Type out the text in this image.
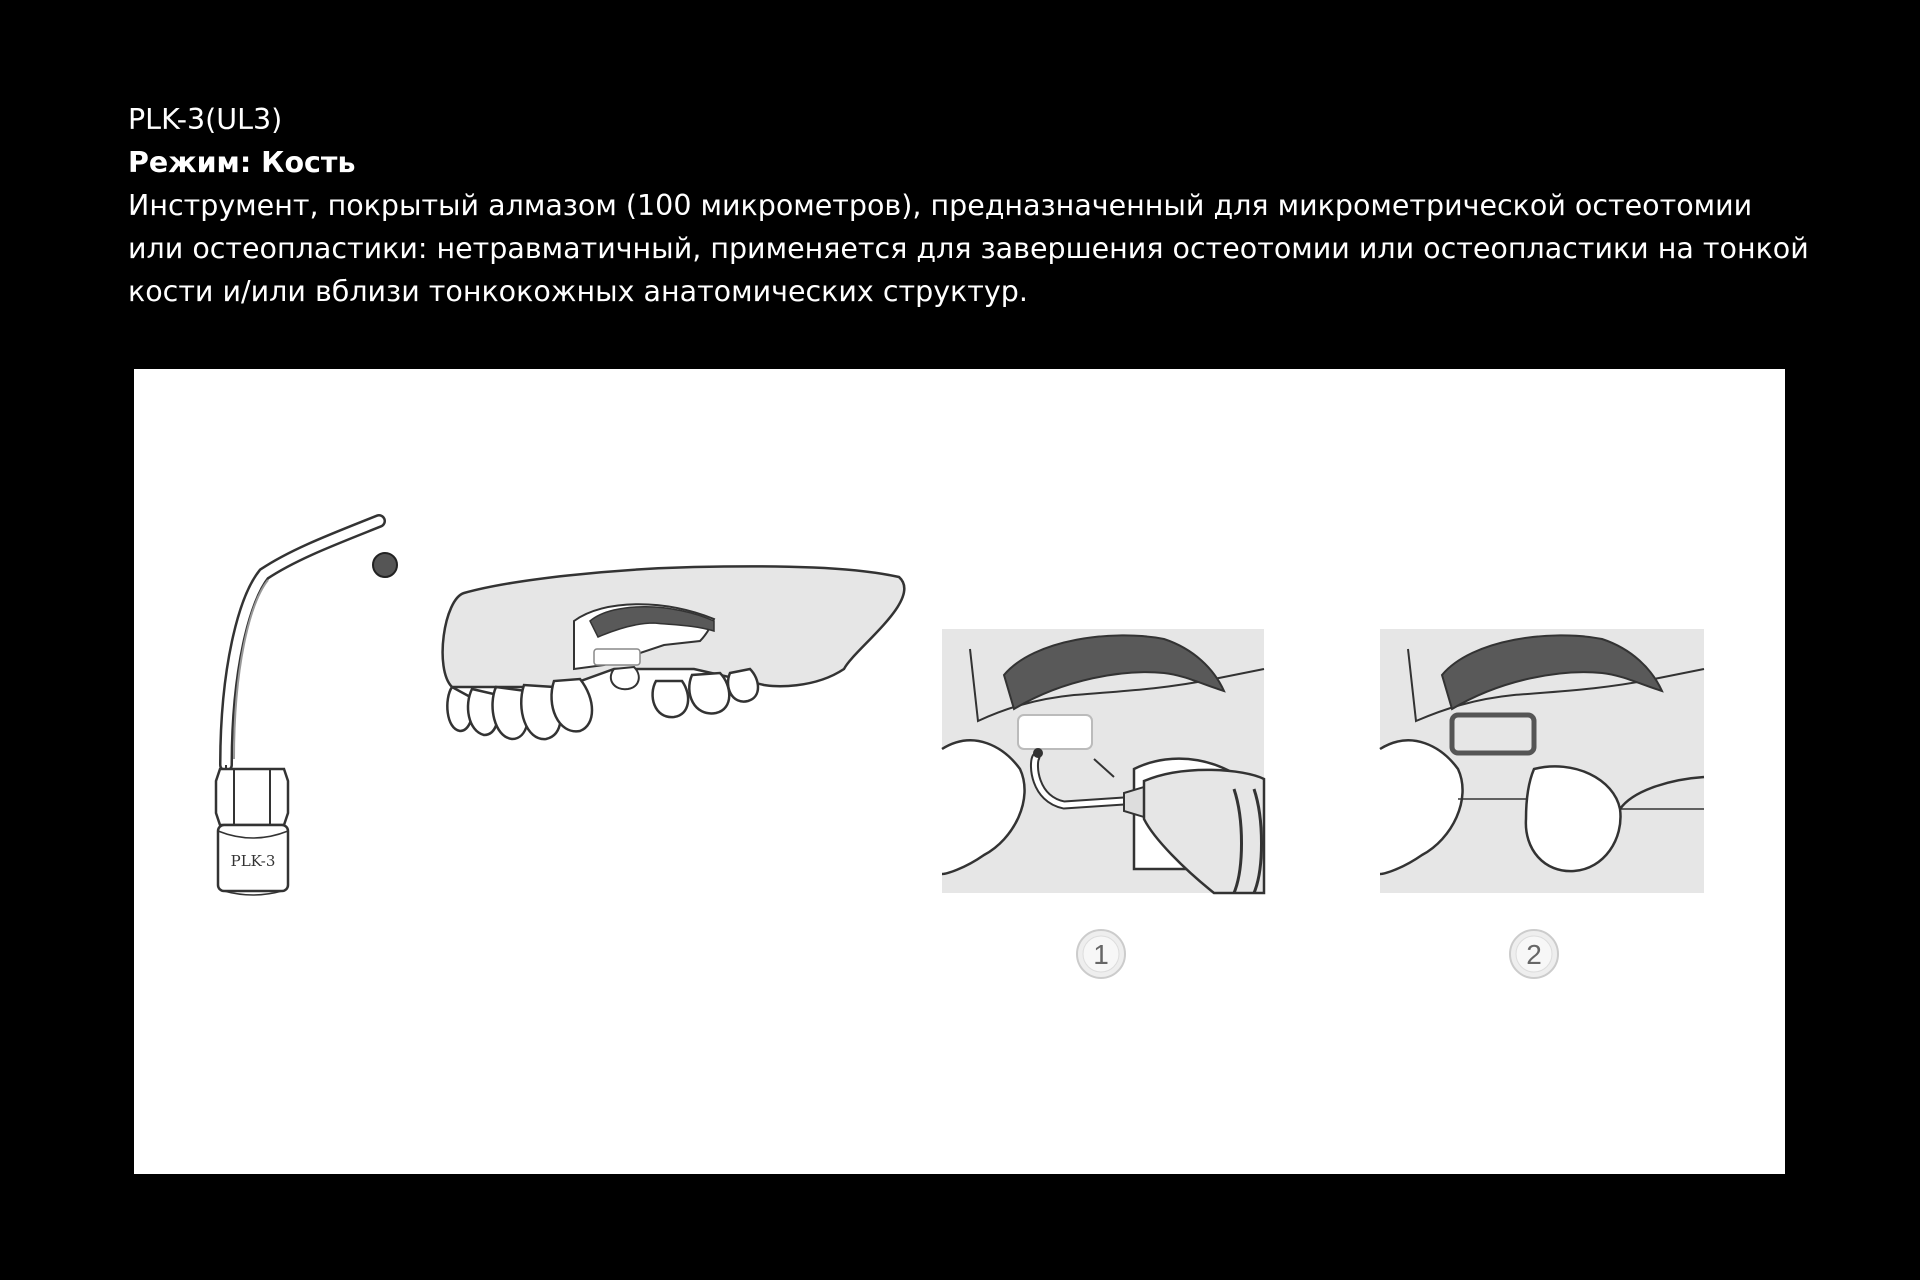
PLK-3(UL3)
Режим: Кость
Инструмент, покрытый алмазом (100 микрометров), предназначенный для микрометрической остеотомии
или остеопластики: нетравматичный, применяется для завершения остеотомии или остеопластики на тонкой
кости и/или вблизи тонкокожных анатомических структур.
PLK-3
1	2
